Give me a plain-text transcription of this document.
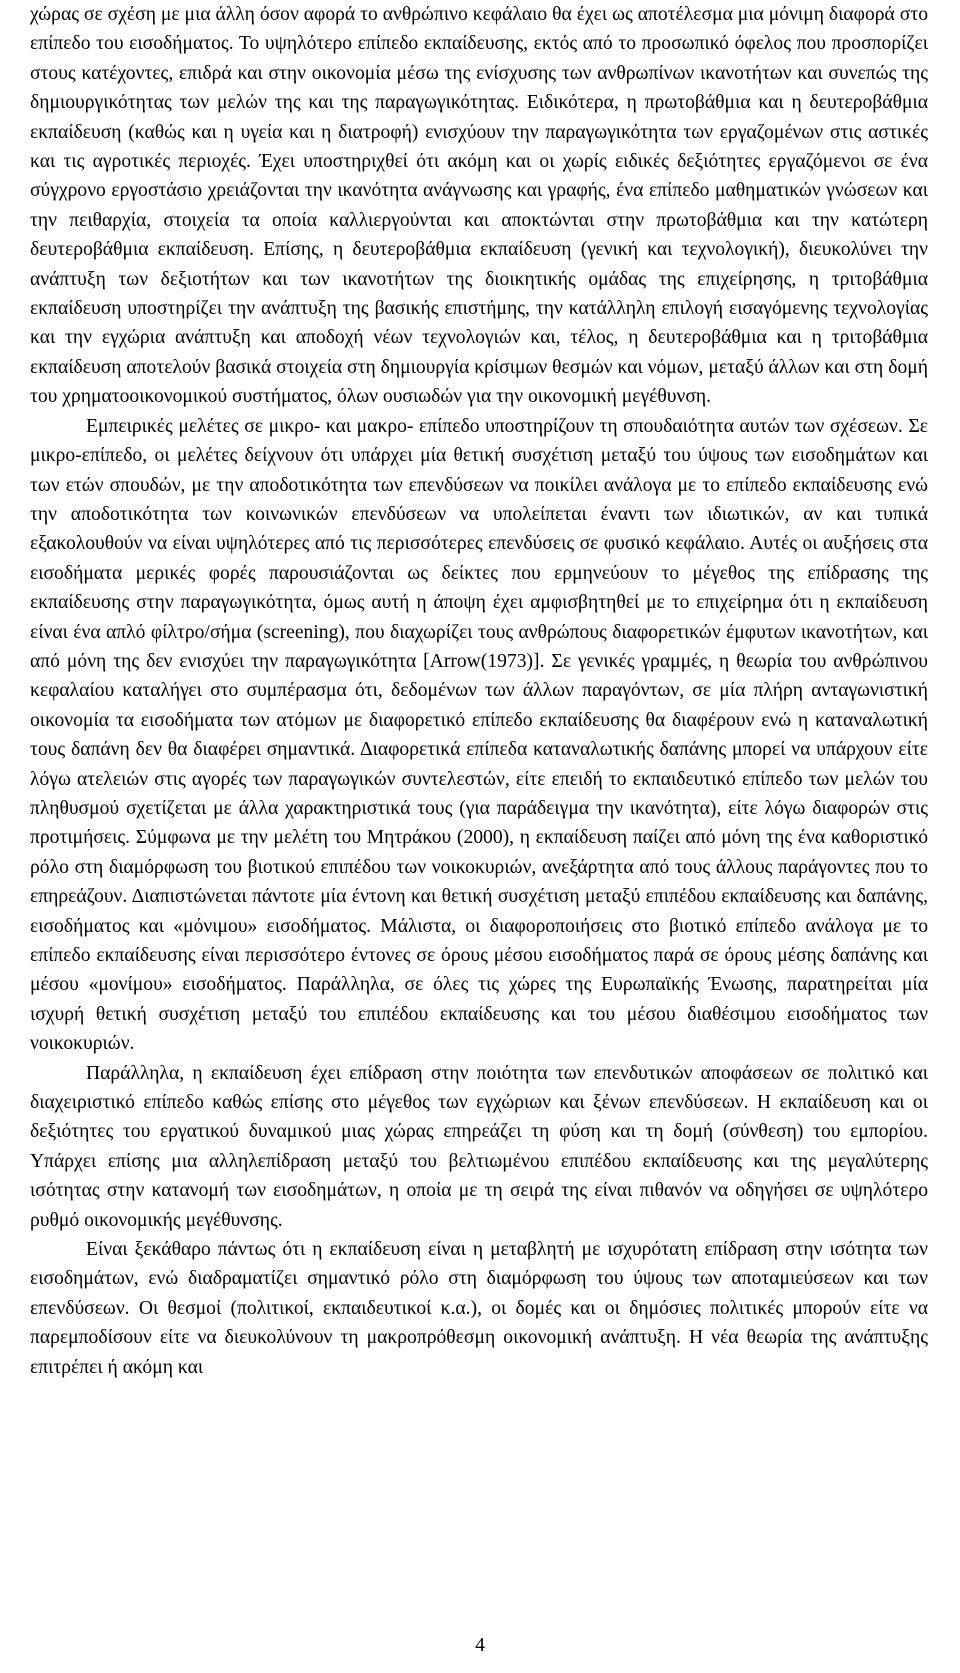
χώρας σε σχέση με μια άλλη όσον αφορά το ανθρώπινο κεφάλαιο θα έχει ως αποτέλεσμα μια μόνιμη διαφορά στο επίπεδο του εισοδήματος. Το υψηλότερο επίπεδο εκπαίδευσης, εκτός από το προσωπικό όφελος που προσπορίζει στους κατέχοντες, επιδρά και στην οικονομία μέσω της ενίσχυσης των ανθρωπίνων ικανοτήτων και συνεπώς της δημιουργικότητας των μελών της και της παραγωγικότητας. Ειδικότερα, η πρωτοβάθμια και η δευτεροβάθμια εκπαίδευση (καθώς και η υγεία και η διατροφή) ενισχύουν την παραγωγικότητα των εργαζομένων στις αστικές και τις αγροτικές περιοχές. Έχει υποστηριχθεί ότι ακόμη και οι χωρίς ειδικές δεξιότητες εργαζόμενοι σε ένα σύγχρονο εργοστάσιο χρειάζονται την ικανότητα ανάγνωσης και γραφής, ένα επίπεδο μαθηματικών γνώσεων και την πειθαρχία, στοιχεία τα οποία καλλιεργούνται και αποκτώνται στην πρωτοβάθμια και την κατώτερη δευτεροβάθμια εκπαίδευση. Επίσης, η δευτεροβάθμια εκπαίδευση (γενική και τεχνολογική), διευκολύνει την ανάπτυξη των δεξιοτήτων και των ικανοτήτων της διοικητικής ομάδας της επιχείρησης, η τριτοβάθμια εκπαίδευση υποστηρίζει την ανάπτυξη της βασικής επιστήμης, την κατάλληλη επιλογή εισαγόμενης τεχνολογίας και την εγχώρια ανάπτυξη και αποδοχή νέων τεχνολογιών και, τέλος, η δευτεροβάθμια και η τριτοβάθμια εκπαίδευση αποτελούν βασικά στοιχεία στη δημιουργία κρίσιμων θεσμών και νόμων, μεταξύ άλλων και στη δομή του χρηματοοικονομικού συστήματος, όλων ουσιωδών για την οικονομική μεγέθυνση.

Εμπειρικές μελέτες σε μικρο- και μακρο- επίπεδο υποστηρίζουν τη σπουδαιότητα αυτών των σχέσεων. Σε μικρο-επίπεδο, οι μελέτες δείχνουν ότι υπάρχει μία θετική συσχέτιση μεταξύ του ύψους των εισοδημάτων και των ετών σπουδών, με την αποδοτικότητα των επενδύσεων να ποικίλει ανάλογα με το επίπεδο εκπαίδευσης ενώ την αποδοτικότητα των κοινωνικών επενδύσεων να υπολείπεται έναντι των ιδιωτικών, αν και τυπικά εξακολουθούν να είναι υψηλότερες από τις περισσότερες επενδύσεις σε φυσικό κεφάλαιο. Αυτές οι αυξήσεις στα εισοδήματα μερικές φορές παρουσιάζονται ως δείκτες που ερμηνεύουν το μέγεθος της επίδρασης της εκπαίδευσης στην παραγωγικότητα, όμως αυτή η άποψη έχει αμφισβητηθεί με το επιχείρημα ότι η εκπαίδευση είναι ένα απλό φίλτρο/σήμα (screening), που διαχωρίζει τους ανθρώπους διαφορετικών έμφυτων ικανοτήτων, και από μόνη της δεν ενισχύει την παραγωγικότητα [Arrow(1973)]. Σε γενικές γραμμές, η θεωρία του ανθρώπινου κεφαλαίου καταλήγει στο συμπέρασμα ότι, δεδομένων των άλλων παραγόντων, σε μία πλήρη ανταγωνιστική οικονομία τα εισοδήματα των ατόμων με διαφορετικό επίπεδο εκπαίδευσης θα διαφέρουν ενώ η καταναλωτική τους δαπάνη δεν θα διαφέρει σημαντικά. Διαφορετικά επίπεδα καταναλωτικής δαπάνης μπορεί να υπάρχουν είτε λόγω ατελειών στις αγορές των παραγωγικών συντελεστών, είτε επειδή το εκπαιδευτικό επίπεδο των μελών του πληθυσμού σχετίζεται με άλλα χαρακτηριστικά τους (για παράδειγμα την ικανότητα), είτε λόγω διαφορών στις προτιμήσεις. Σύμφωνα με την μελέτη του Μητράκου (2000), η εκπαίδευση παίζει από μόνη της ένα καθοριστικό ρόλο στη διαμόρφωση του βιοτικού επιπέδου των νοικοκυριών, ανεξάρτητα από τους άλλους παράγοντες που το επηρεάζουν. Διαπιστώνεται πάντοτε μία έντονη και θετική συσχέτιση μεταξύ επιπέδου εκπαίδευσης και δαπάνης, εισοδήματος και «μόνιμου» εισοδήματος. Μάλιστα, οι διαφοροποιήσεις στο βιοτικό επίπεδο ανάλογα με το επίπεδο εκπαίδευσης είναι περισσότερο έντονες σε όρους μέσου εισοδήματος παρά σε όρους μέσης δαπάνης και μέσου «μονίμου» εισοδήματος. Παράλληλα, σε όλες τις χώρες της Ευρωπαϊκής Ένωσης, παρατηρείται μία ισχυρή θετική συσχέτιση μεταξύ του επιπέδου εκπαίδευσης και του μέσου διαθέσιμου εισοδήματος των νοικοκυριών.

Παράλληλα, η εκπαίδευση έχει επίδραση στην ποιότητα των επενδυτικών αποφάσεων σε πολιτικό και διαχειριστικό επίπεδο καθώς επίσης στο μέγεθος των εγχώριων και ξένων επενδύσεων. Η εκπαίδευση και οι δεξιότητες του εργατικού δυναμικού μιας χώρας επηρεάζει τη φύση και τη δομή (σύνθεση) του εμπορίου. Υπάρχει επίσης μια αλληλεπίδραση μεταξύ του βελτιωμένου επιπέδου εκπαίδευσης και της μεγαλύτερης ισότητας στην κατανομή των εισοδημάτων, η οποία με τη σειρά της είναι πιθανόν να οδηγήσει σε υψηλότερο ρυθμό οικονομικής μεγέθυνσης.

Είναι ξεκάθαρο πάντως ότι η εκπαίδευση είναι η μεταβλητή με ισχυρότατη επίδραση στην ισότητα των εισοδημάτων, ενώ διαδραματίζει σημαντικό ρόλο στη διαμόρφωση του ύψους των αποταμιεύσεων και των επενδύσεων. Οι θεσμοί (πολιτικοί, εκπαιδευτικοί κ.α.), οι δομές και οι δημόσιες πολιτικές μπορούν είτε να παρεμποδίσουν είτε να διευκολύνουν τη μακροπρόθεσμη οικονομική ανάπτυξη. Η νέα θεωρία της ανάπτυξης επιτρέπει ή ακόμη και

4
